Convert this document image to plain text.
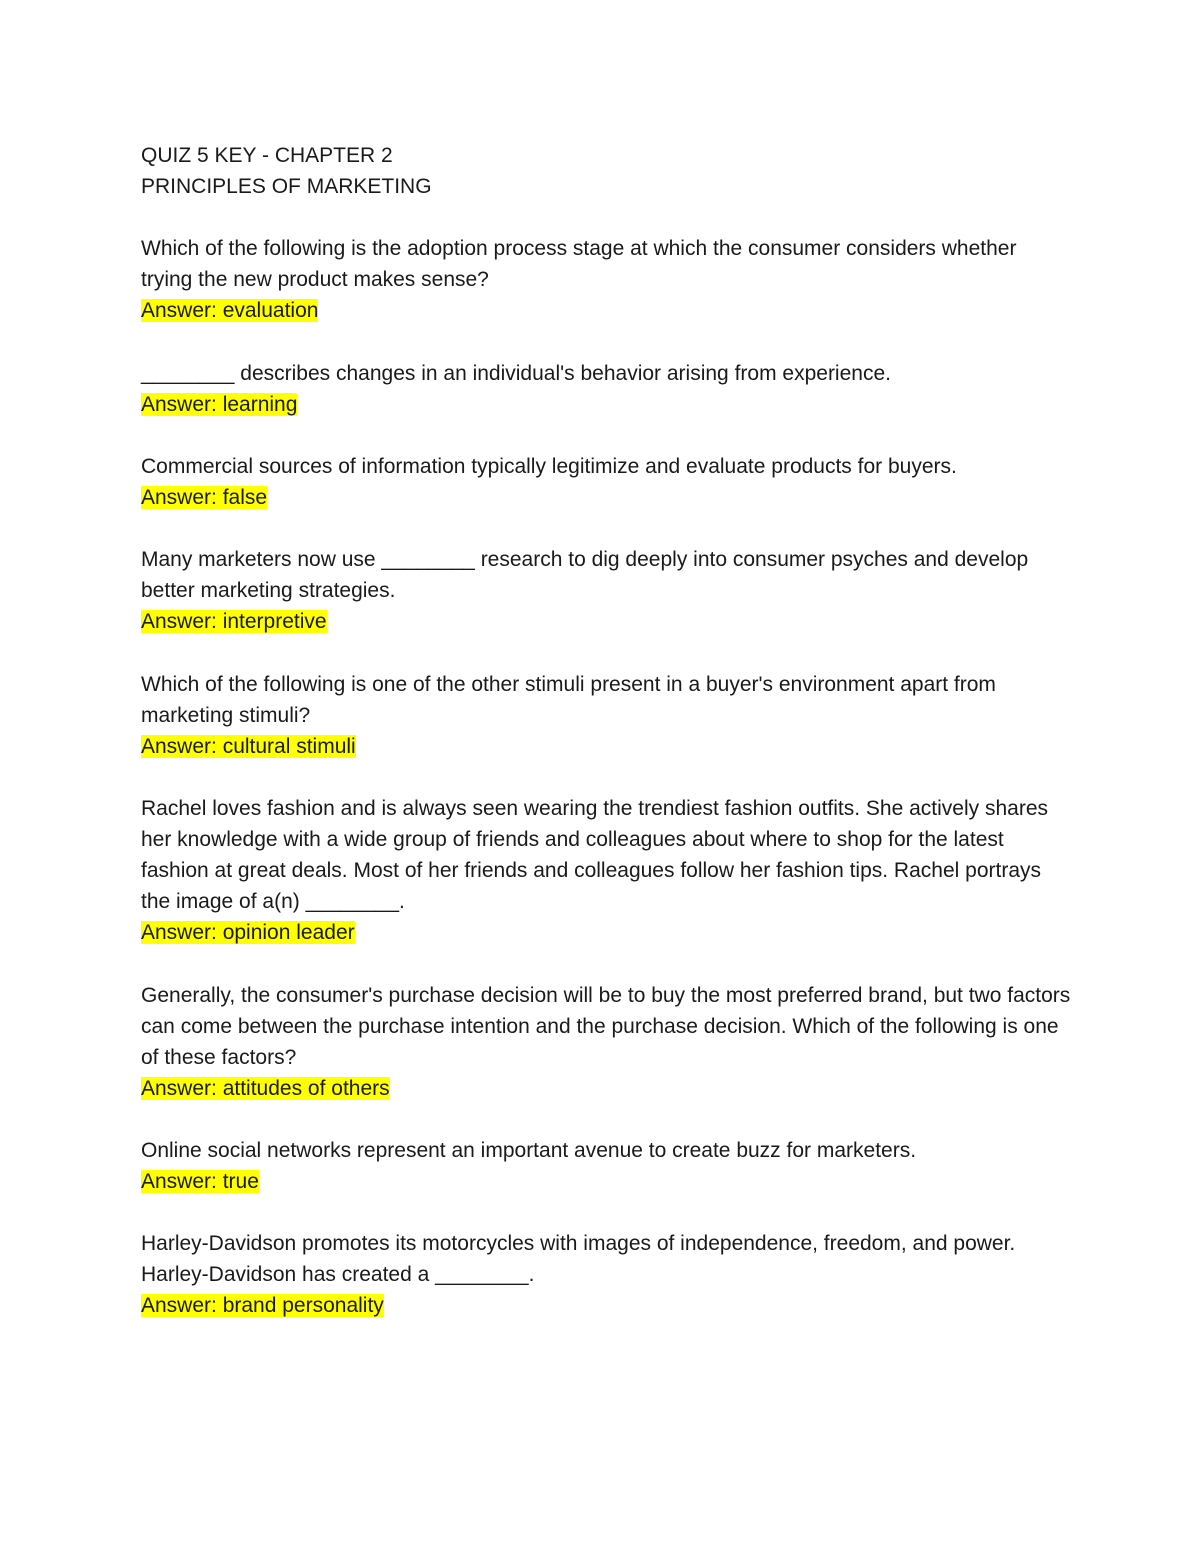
QUIZ 5 KEY - CHAPTER 2

PRINCIPLES OF MARKETING

Which of the following is the adoption process stage at which the consumer considers whether trying the new product makes sense?

Answer: evaluation

________ describes changes in an individual's behavior arising from experience.

Answer: learning

Commercial sources of information typically legitimize and evaluate products for buyers.

Answer: false

Many marketers now use ________ research to dig deeply into consumer psyches and develop better marketing strategies.

Answer: interpretive

Which of the following is one of the other stimuli present in a buyer's environment apart from marketing stimuli?

Answer: cultural stimuli

Rachel loves fashion and is always seen wearing the trendiest fashion outfits. She actively shares her knowledge with a wide group of friends and colleagues about where to shop for the latest fashion at great deals. Most of her friends and colleagues follow her fashion tips. Rachel portrays the image of a(n) ________.

Answer: opinion leader

Generally, the consumer's purchase decision will be to buy the most preferred brand, but two factors can come between the purchase intention and the purchase decision. Which of the following is one of these factors?

Answer: attitudes of others

Online social networks represent an important avenue to create buzz for marketers.

Answer: true

Harley-Davidson promotes its motorcycles with images of independence, freedom, and power. Harley-Davidson has created a ________.

Answer: brand personality
